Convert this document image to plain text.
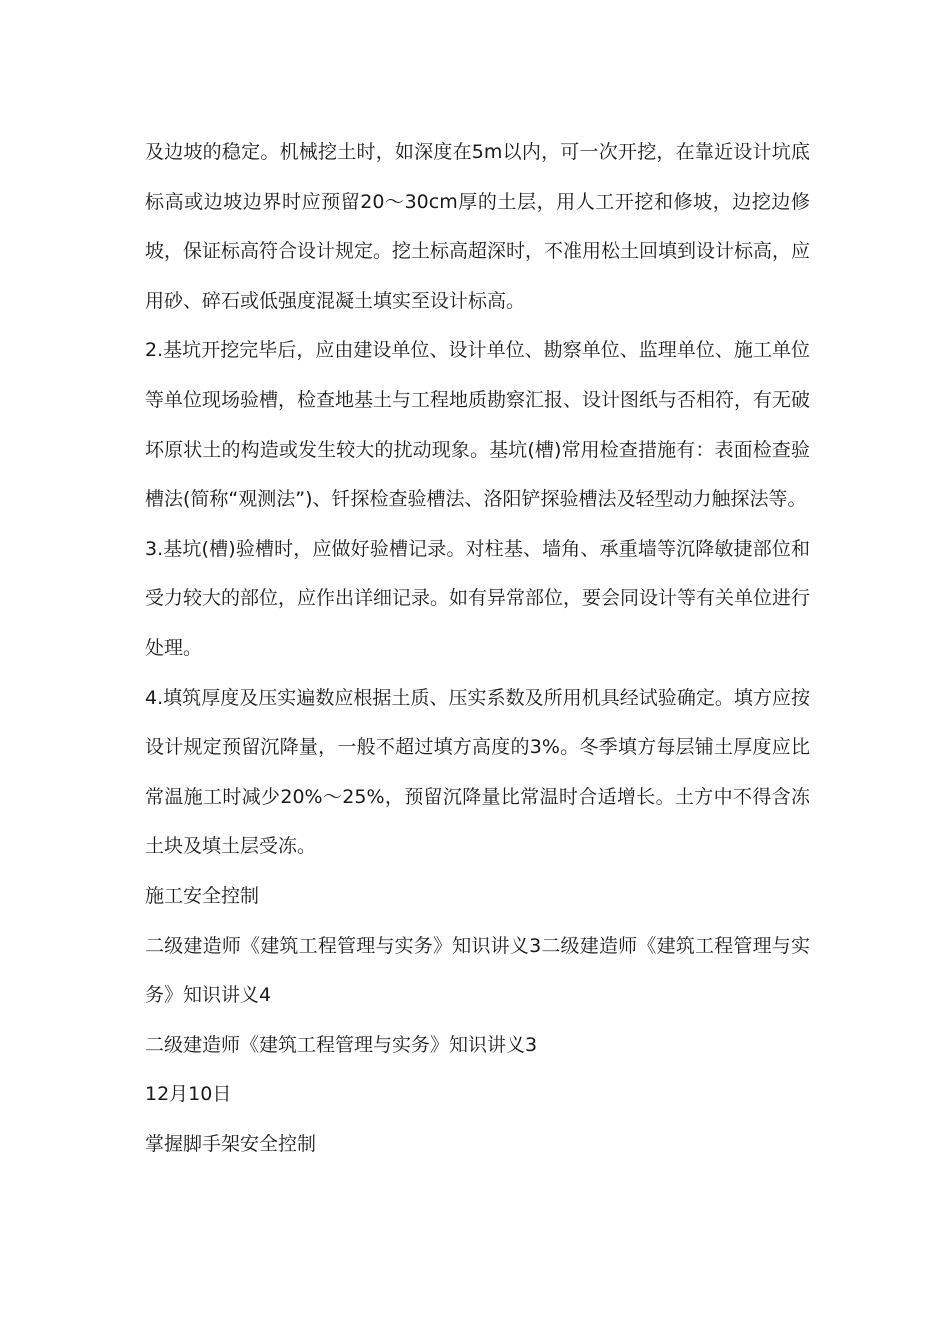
及边坡的稳定。机械挖土时，如深度在5m以内，可一次开挖，在靠近设计坑底标高或边坡边界时应预留20～30cm厚的土层，用人工开挖和修坡，边挖边修坡，保证标高符合设计规定。挖土标高超深时，不准用松土回填到设计标高，应用砂、碎石或低强度混凝土填实至设计标高。

2.基坑开挖完毕后，应由建设单位、设计单位、勘察单位、监理单位、施工单位等单位现场验槽，检查地基土与工程地质勘察汇报、设计图纸与否相符，有无破坏原状土的构造或发生较大的扰动现象。基坑(槽)常用检查措施有：表面检查验槽法(简称“观测法”)、钎探检查验槽法、洛阳铲探验槽法及轻型动力触探法等。

3.基坑(槽)验槽时，应做好验槽记录。对柱基、墙角、承重墙等沉降敏捷部位和受力较大的部位，应作出详细记录。如有异常部位，要会同设计等有关单位进行处理。

4.填筑厚度及压实遍数应根据土质、压实系数及所用机具经试验确定。填方应按设计规定预留沉降量，一般不超过填方高度的3%。冬季填方每层铺土厚度应比常温施工时减少20%～25%，预留沉降量比常温时合适增长。土方中不得含冻土块及填土层受冻。

施工安全控制

二级建造师《建筑工程管理与实务》知识讲义3二级建造师《建筑工程管理与实务》知识讲义4

二级建造师《建筑工程管理与实务》知识讲义3

12月10日

掌握脚手架安全控制
